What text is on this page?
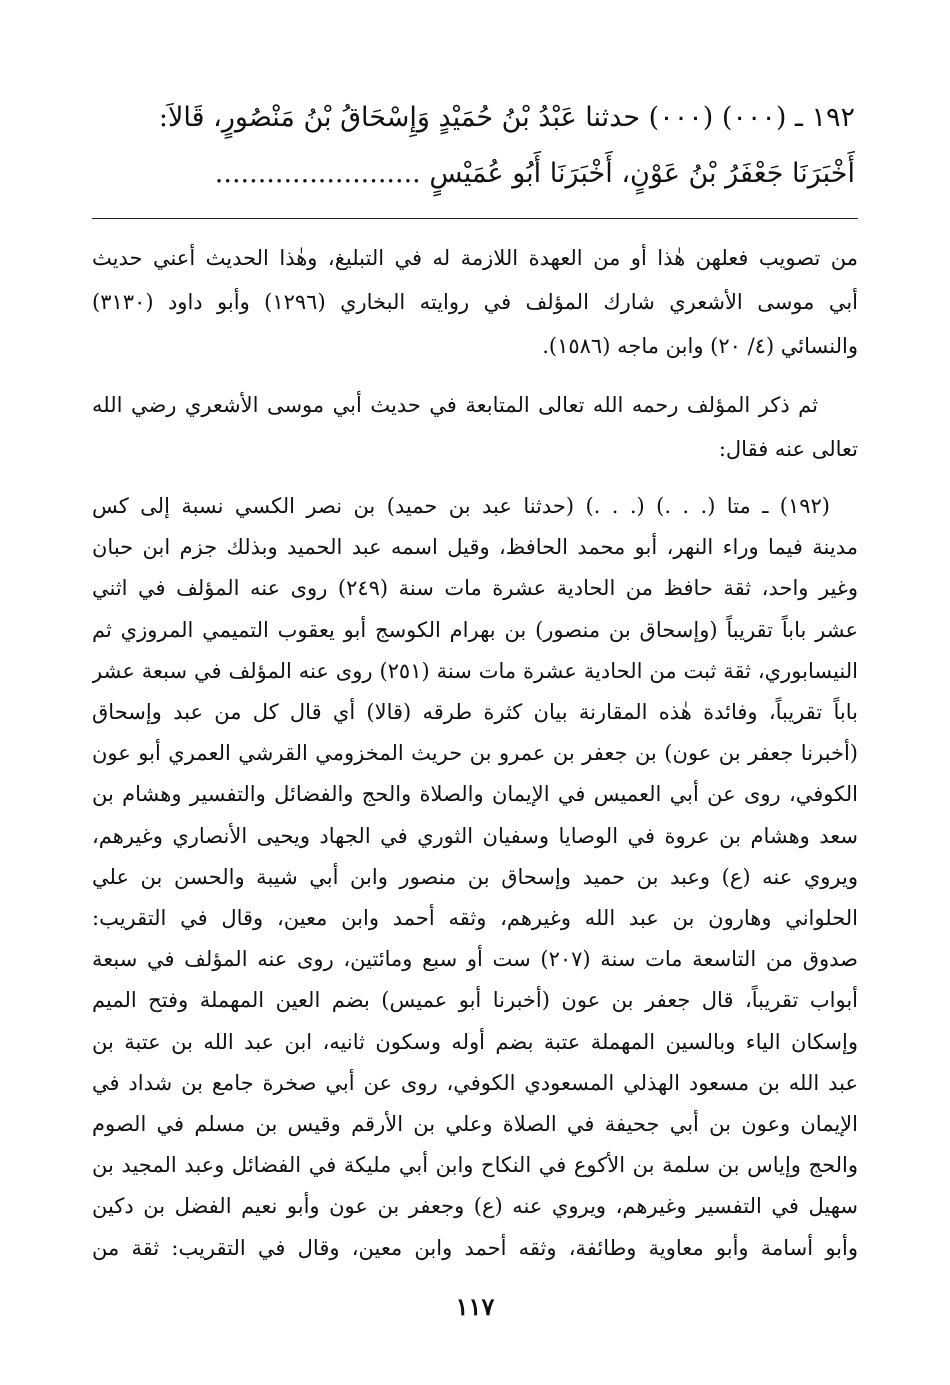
١٩٢ ـ (٠٠٠) (٠٠٠) حدثنا عَبْدُ بْنُ حُمَيْدٍ وَإِسْحَاقُ بْنُ مَنْصُورٍ، قَالاَ:
أَخْبَرَنَا جَعْفَرُ بْنُ عَوْنٍ، أَخْبَرَنَا أَبُو عُمَيْسٍ ........................
من تصويب فعلهن هٰذا أو من العهدة اللازمة له في التبليغ، وهٰذا الحديث أعني حديث
أبي موسى الأشعري شارك المؤلف في روايته البخاري (١٢٩٦) وأبو داود (٣١٣٠)
والنسائي (٤/ ٢٠) وابن ماجه (١٥٨٦).
ثم ذكر المؤلف رحمه الله تعالى المتابعة في حديث أبي موسى الأشعري رضي الله
تعالى عنه فقال:
(١٩٢) ـ متا (. . .) (. . .) (حدثنا عبد بن حميد) بن نصر الكسي نسبة إلى كس
مدينة فيما وراء النهر، أبو محمد الحافظ، وقيل اسمه عبد الحميد وبذلك جزم ابن حبان
وغير واحد، ثقة حافظ من الحادية عشرة مات سنة (٢٤٩) روى عنه المؤلف في اثني
عشر باباً تقريباً (وإسحاق بن منصور) بن بهرام الكوسج أبو يعقوب التميمي المروزي ثم
النيسابوري، ثقة ثبت من الحادية عشرة مات سنة (٢٥١) روى عنه المؤلف في سبعة عشر
باباً تقريباً، وفائدة هٰذه المقارنة بيان كثرة طرقه (قالا) أي قال كل من عبد وإسحاق
(أخبرنا جعفر بن عون) بن جعفر بن عمرو بن حريث المخزومي القرشي العمري أبو عون
الكوفي، روى عن أبي العميس في الإيمان والصلاة والحج والفضائل والتفسير وهشام بن
سعد وهشام بن عروة في الوصايا وسفيان الثوري في الجهاد ويحيى الأنصاري وغيرهم،
ويروي عنه (ع) وعبد بن حميد وإسحاق بن منصور وابن أبي شيبة والحسن بن علي
الحلواني وهارون بن عبد الله وغيرهم، وثقه أحمد وابن معين، وقال في التقريب:
صدوق من التاسعة مات سنة (٢٠٧) ست أو سبع ومائتين، روى عنه المؤلف في سبعة
أبواب تقريباً، قال جعفر بن عون (أخبرنا أبو عميس) بضم العين المهملة وفتح الميم
وإسكان الياء وبالسين المهملة عتبة بضم أوله وسكون ثانيه، ابن عبد الله بن عتبة بن
عبد الله بن مسعود الهذلي المسعودي الكوفي، روى عن أبي صخرة جامع بن شداد في
الإيمان وعون بن أبي جحيفة في الصلاة وعلي بن الأرقم وقيس بن مسلم في الصوم
والحج وإياس بن سلمة بن الأكوع في النكاح وابن أبي مليكة في الفضائل وعبد المجيد بن
سهيل في التفسير وغيرهم، ويروي عنه (ع) وجعفر بن عون وأبو نعيم الفضل بن دكين
وأبو أسامة وأبو معاوية وطائفة، وثقه أحمد وابن معين، وقال في التقريب: ثقة من
١١٧
